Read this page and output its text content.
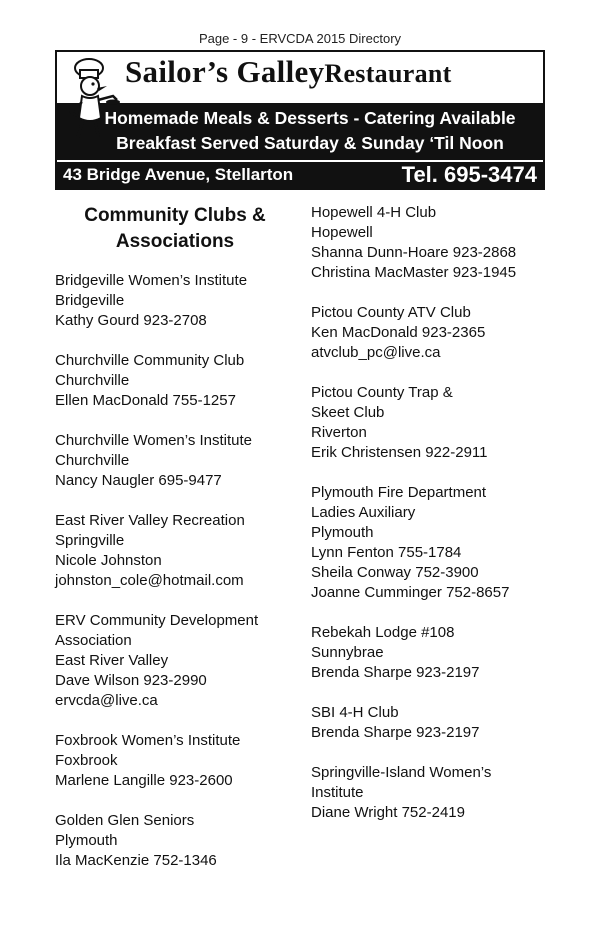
Page - 9 - ERVCDA 2015 Directory
Sailor’s GalleyRestaurant
Homemade Meals & Desserts - Catering Available
Breakfast Served Saturday & Sunday ‘Til Noon
43 Bridge Avenue, Stellarton	Tel. 695-3474
Community Clubs &
Associations
Bridgeville Women’s Institute
Bridgeville
Kathy Gourd 923-2708
Churchville Community Club
Churchville
Ellen MacDonald 755-1257
Churchville Women’s Institute
Churchville
Nancy Naugler 695-9477
East River Valley Recreation
Springville
Nicole Johnston
johnston_cole@hotmail.com
ERV Community Development
Association
East River Valley
Dave Wilson 923-2990
ervcda@live.ca
Foxbrook Women’s Institute
Foxbrook
Marlene Langille 923-2600
Golden Glen Seniors
Plymouth
Ila MacKenzie 752-1346
Hopewell 4-H Club
Hopewell
Shanna Dunn-Hoare 923-2868
Christina MacMaster 923-1945
Pictou County ATV Club
Ken MacDonald 923-2365
atvclub_pc@live.ca
Pictou County Trap &
Skeet Club
Riverton
Erik Christensen 922-2911
Plymouth Fire Department
Ladies Auxiliary
Plymouth
Lynn Fenton 755-1784
Sheila Conway 752-3900
Joanne Cumminger 752-8657
Rebekah Lodge #108
Sunnybrae
Brenda Sharpe 923-2197
SBI 4-H Club
Brenda Sharpe 923-2197
Springville-Island Women’s
Institute
Diane Wright 752-2419
